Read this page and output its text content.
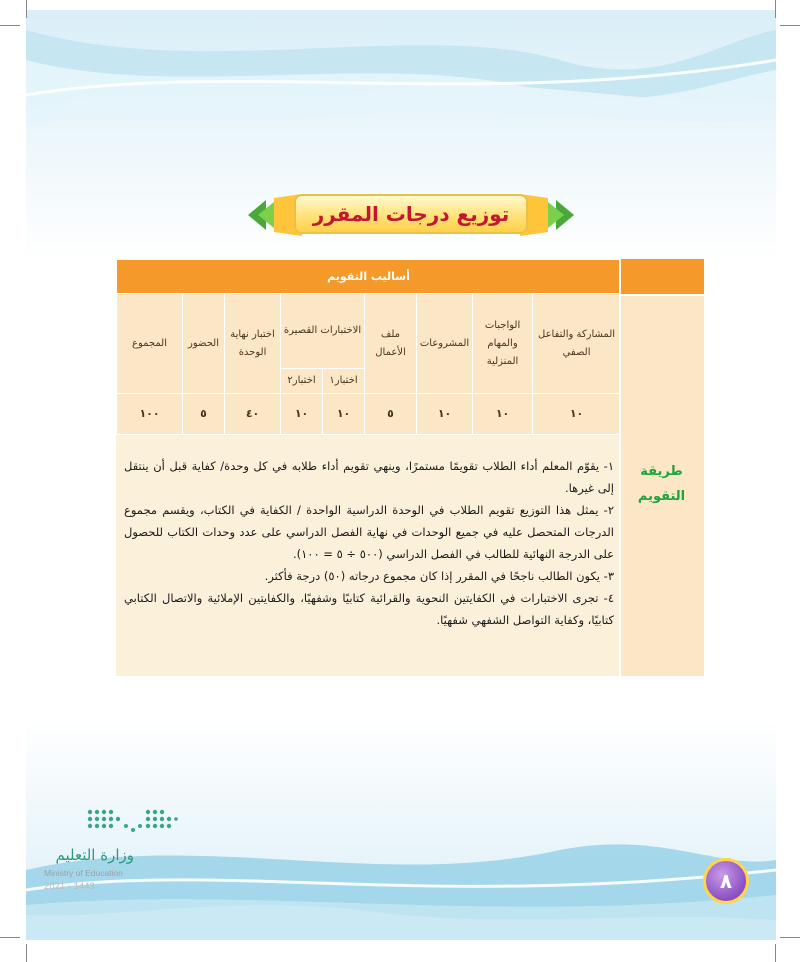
توزيع درجات المقرر
أساليب التقويم								
المشاركة والتفاعل الصفي	الواجبات والمهام المنزلية	المشروعات	ملف الأعمال	الاختبارات القصيرة		اختبار نهاية الوحدة	الحضور	المجموع
				اختبار١	اختبار٢			
١٠	١٠	١٠	٥	١٠	١٠	٤٠	٥	١٠٠
طريقة التقويم

١- يقوّم المعلم أداء الطلاب تقويمًا مستمرًا، وينهي تقويم أداء طلابه في كل وحدة/ كفاية قبل أن ينتقل إلى غيرها.

٢- يمثل هذا التوزيع تقويم الطلاب في الوحدة الدراسية الواحدة / الكفاية في الكتاب، ويقسم مجموع الدرجات المتحصل عليه في جميع الوحدات في نهاية الفصل الدراسي على عدد وحدات الكتاب للحصول على الدرجة النهائية للطالب في الفصل الدراسي (٥٠٠ ÷ ٥ = ١٠٠).

٣- يكون الطالب ناجحًا في المقرر إذا كان مجموع درجاته (٥٠) درجة فأكثر.

٤- تجرى الاختبارات في الكفايتين النحوية والقرائية كتابيًا وشفهيًا، والكفايتين الإملائية والاتصال الكتابي كتابيًا، وكفاية التواصل الشفهي شفهيًا.

وزارة التعليم
Ministry of Education
2021 - 1443	٨
